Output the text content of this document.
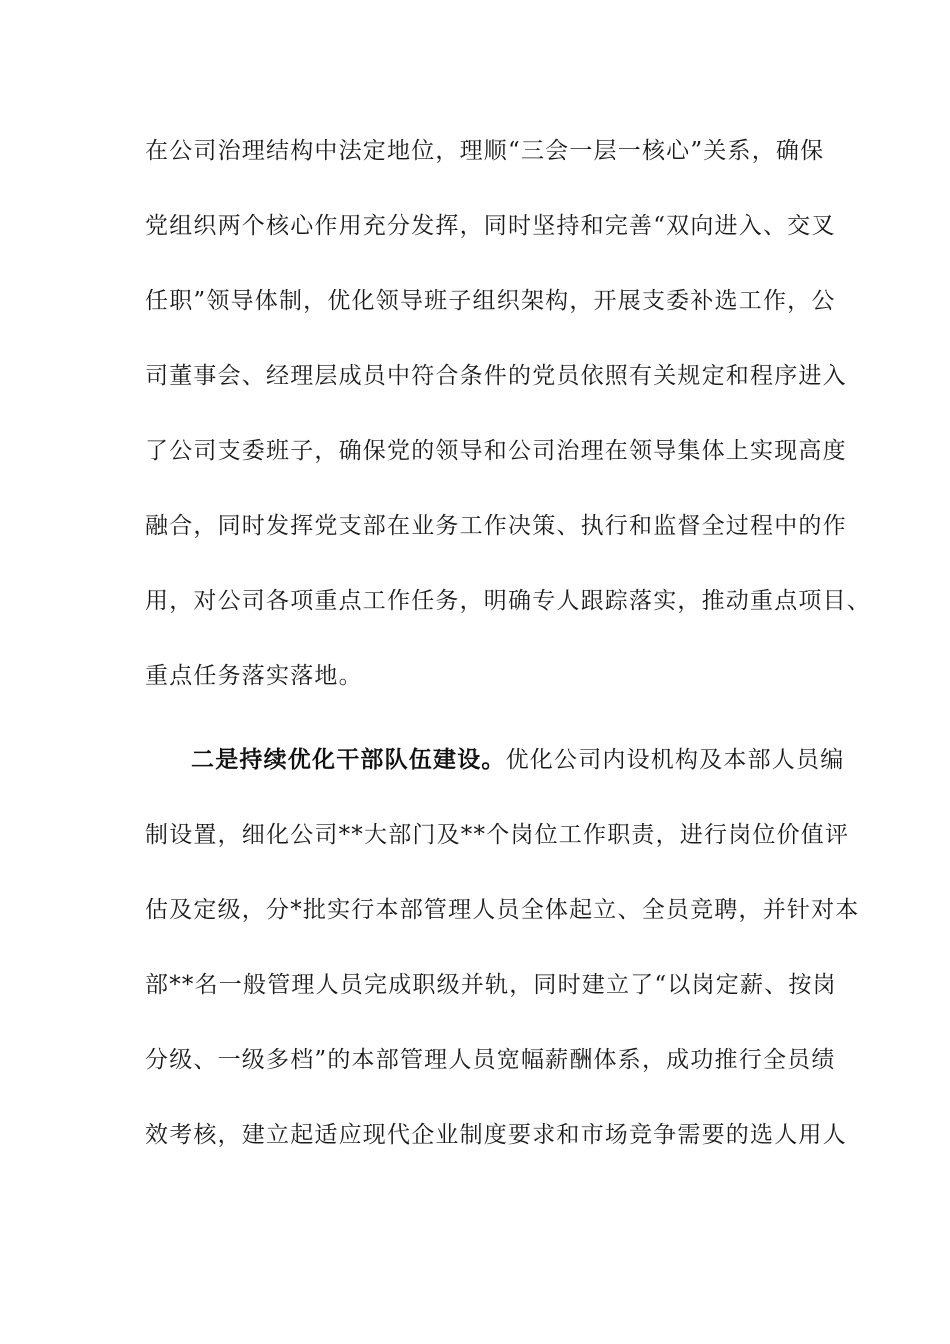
在公司治理结构中法定地位，理顺“三会一层一核心”关系，确保
党组织两个核心作用充分发挥，同时坚持和完善“双向进入、交叉
任职”领导体制，优化领导班子组织架构，开展支委补选工作，公
司董事会、经理层成员中符合条件的党员依照有关规定和程序进入
了公司支委班子，确保党的领导和公司治理在领导集体上实现高度
融合，同时发挥党支部在业务工作决策、执行和监督全过程中的作
用，对公司各项重点工作任务，明确专人跟踪落实，推动重点项目、
重点任务落实落地。
二是持续优化干部队伍建设。优化公司内设机构及本部人员编
制设置，细化公司**大部门及**个岗位工作职责，进行岗位价值评
估及定级，分*批实行本部管理人员全体起立、全员竞聘，并针对本
部**名一般管理人员完成职级并轨，同时建立了“以岗定薪、按岗
分级、一级多档”的本部管理人员宽幅薪酬体系，成功推行全员绩
效考核，建立起适应现代企业制度要求和市场竞争需要的选人用人
